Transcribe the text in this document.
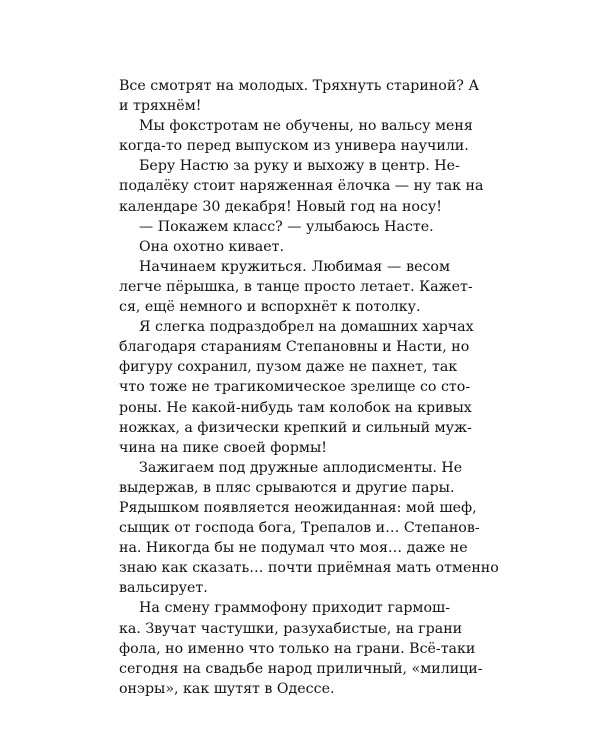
Все смотрят на молодых. Тряхнуть стариной? А
и тряхнём!

Мы фокстротам не обучены, но вальсу меня
когда-то перед выпуском из универа научили.

Беру Настю за руку и выхожу в центр. Не-
подалёку стоит наряженная ёлочка — ну так на
календаре 30 декабря! Новый год на носу!

— Покажем класс? — улыбаюсь Насте.

Она охотно кивает.

Начинаем кружиться. Любимая — весом
легче пёрышка, в танце просто летает. Кажет-
ся, ещё немного и вспорхнёт к потолку.

Я слегка подраздобрел на домашних харчах
благодаря стараниям Степановны и Насти, но
фигуру сохранил, пузом даже не пахнет, так
что тоже не трагикомическое зрелище со сто-
роны. Не какой-нибудь там колобок на кривых
ножках, а физически крепкий и сильный муж-
чина на пике своей формы!

Зажигаем под дружные аплодисменты. Не
выдержав, в пляс срываются и другие пары.
Рядышком появляется неожиданная: мой шеф,
сыщик от господа бога, Трепалов и… Степанов-
на. Никогда бы не подумал что моя… даже не
знаю как сказать… почти приёмная мать отменно
вальсирует.

На смену граммофону приходит гармош-
ка. Звучат частушки, разухабистые, на грани
фола, но именно что только на грани. Всё-таки
сегодня на свадьбе народ приличный, «милици-
онэры», как шутят в Одессе.
